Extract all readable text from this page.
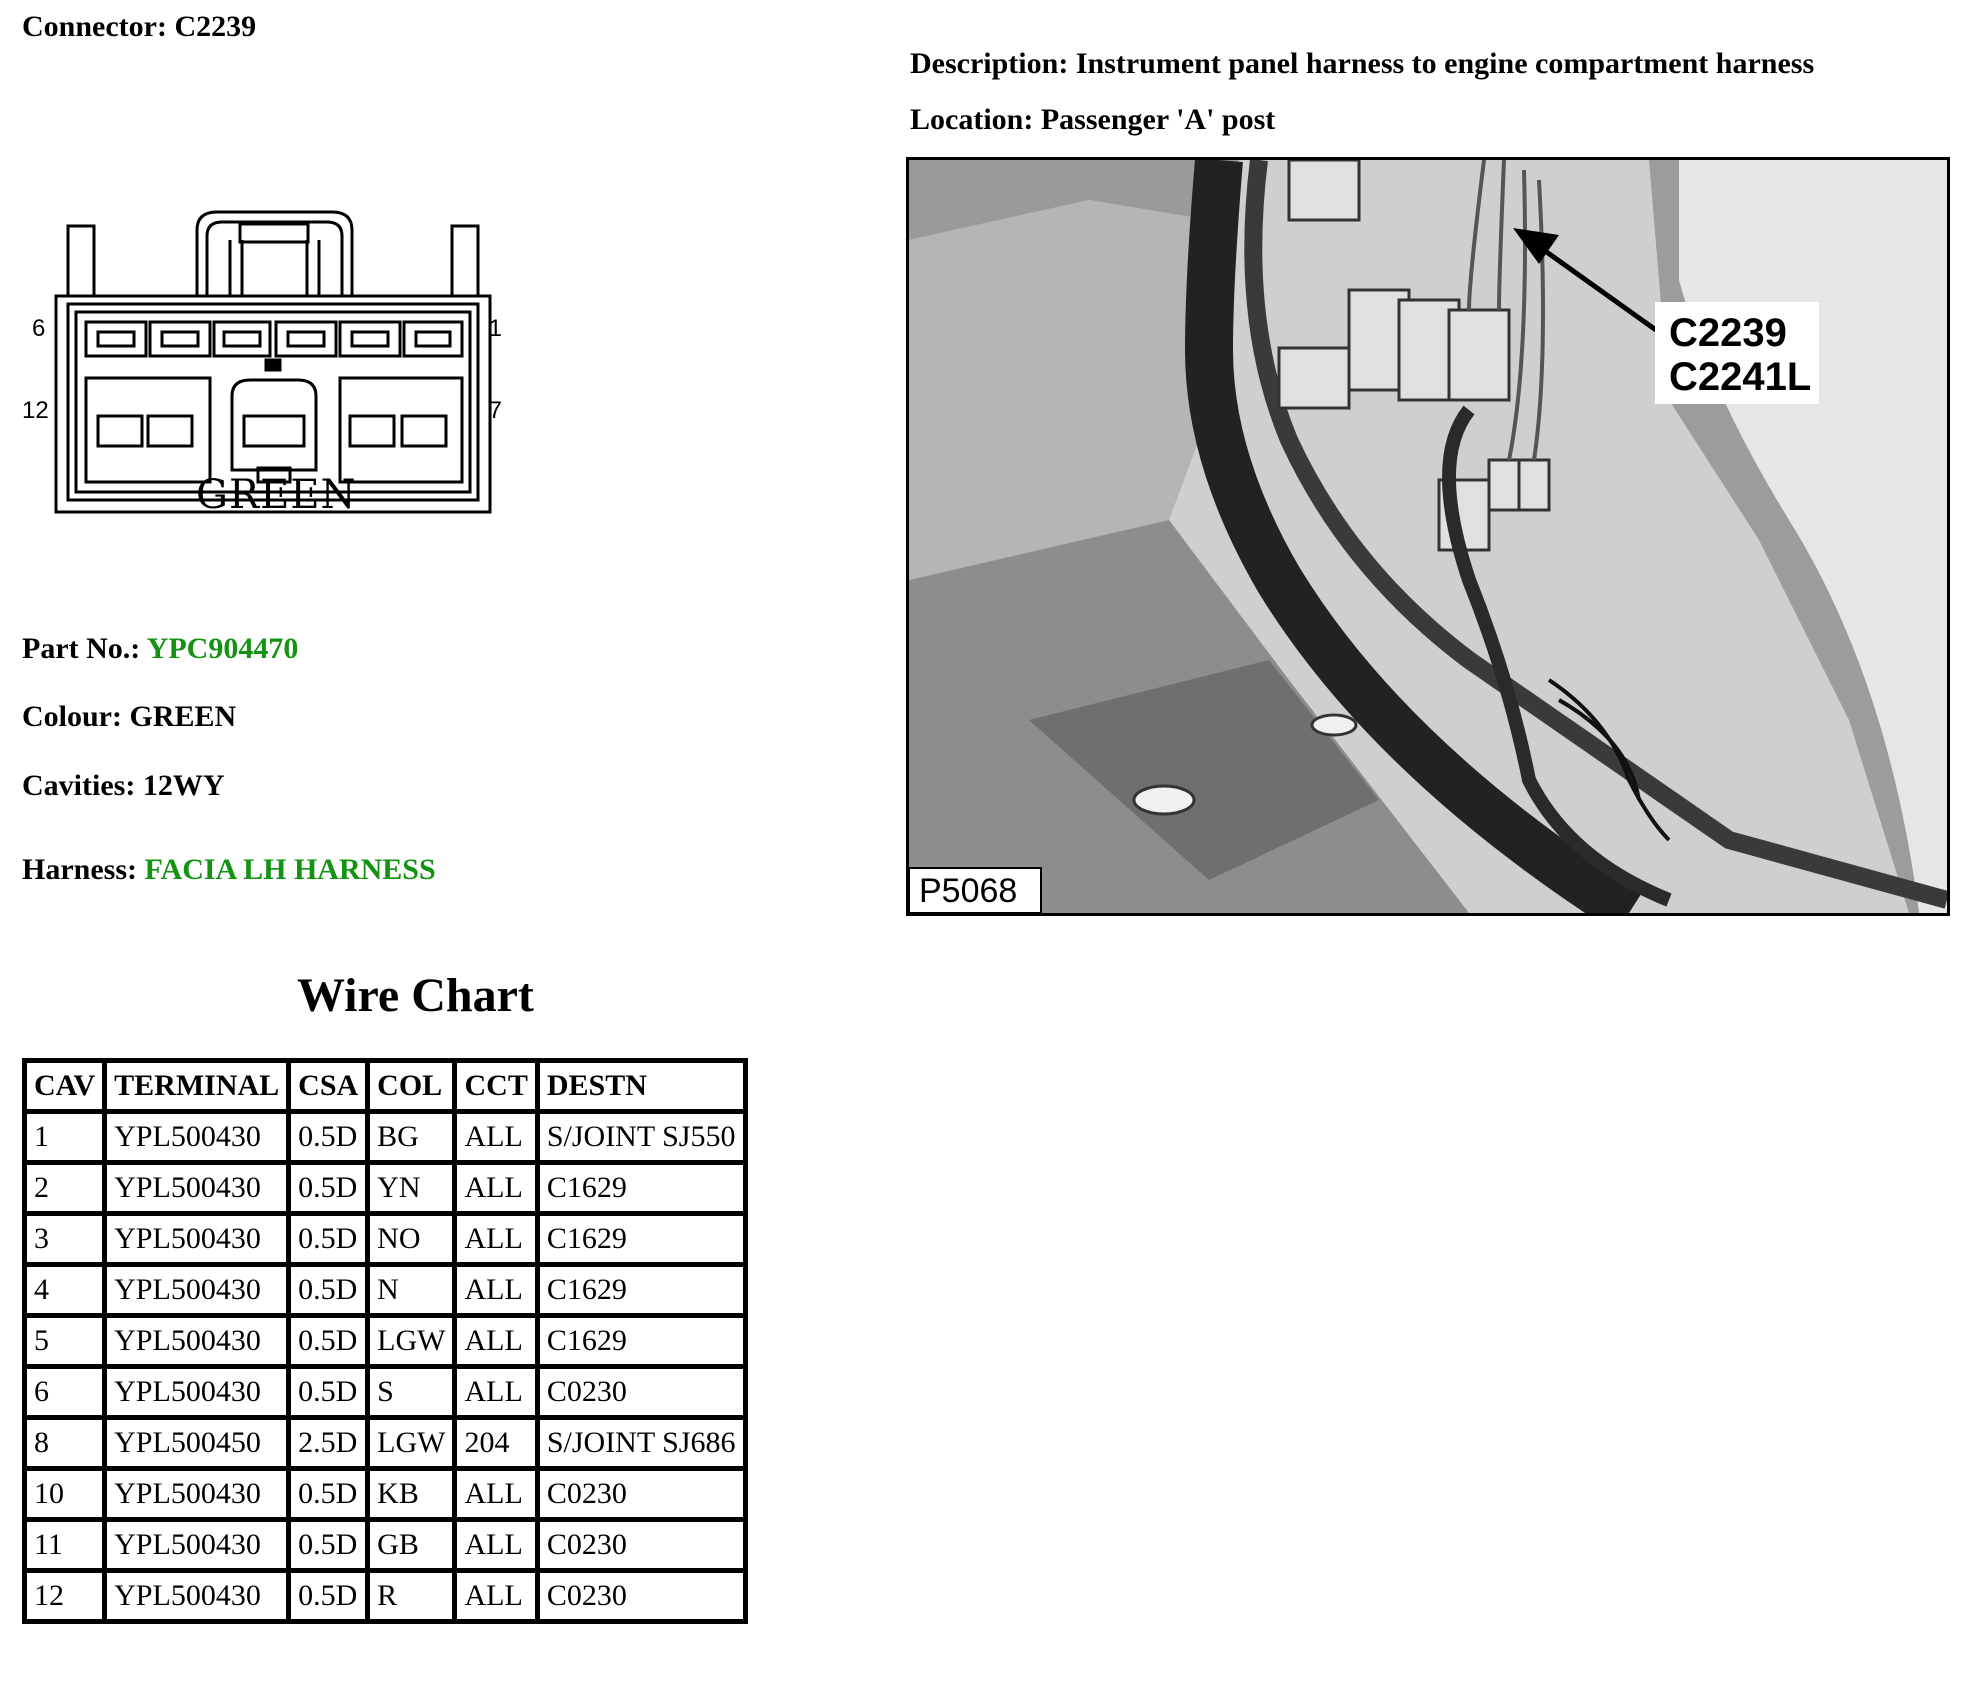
Connector: C2239
Description: Instrument panel harness to engine compartment harness
Location: Passenger 'A' post
6	1
12	7
GREEN
Part No.: YPC904470
Colour: GREEN
Cavities: 12WY
Harness: FACIA LH HARNESS
Wire Chart
CAV	TERMINAL	CSA	COL	CCT	DESTN
1	YPL500430	0.5D	BG	ALL	S/JOINT SJ550
2	YPL500430	0.5D	YN	ALL	C1629
3	YPL500430	0.5D	NO	ALL	C1629
4	YPL500430	0.5D	N	ALL	C1629
5	YPL500430	0.5D	LGW	ALL	C1629
6	YPL500430	0.5D	S	ALL	C0230
8	YPL500450	2.5D	LGW	204	S/JOINT SJ686
10	YPL500430	0.5D	KB	ALL	C0230
11	YPL500430	0.5D	GB	ALL	C0230
12	YPL500430	0.5D	R	ALL	C0230
C2239
C2241L
P5068
